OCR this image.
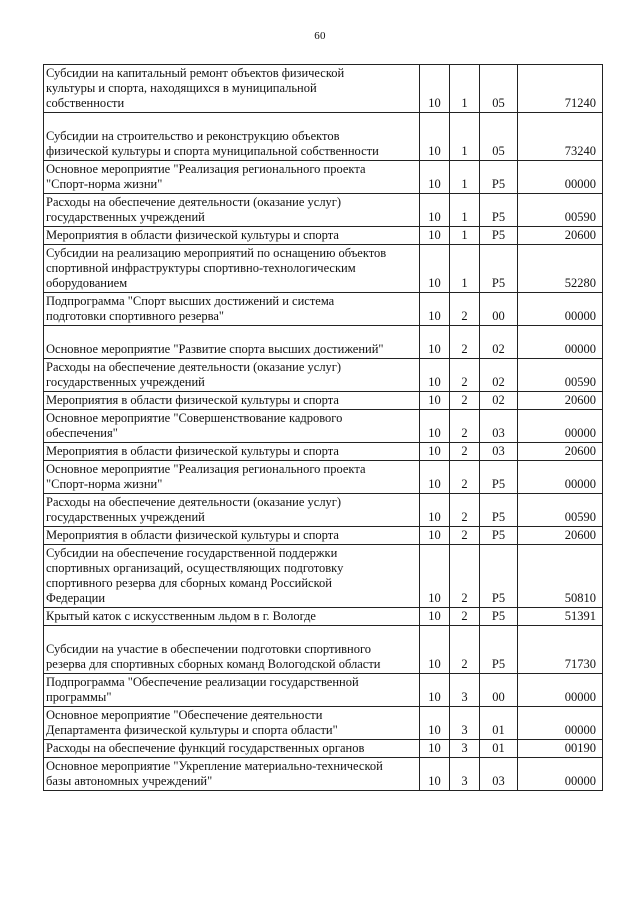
60
Субсидии на капитальный ремонт объектов физической
культуры и спорта, находящихся в муниципальной
собственности	10	1	05	71240

Субсидии на строительство и реконструкцию объектов
физической культуры и спорта муниципальной собственности	10	1	05	73240
Основное мероприятие "Реализация регионального проекта
"Спорт-норма жизни"	10	1	P5	00000
Расходы на обеспечение деятельности (оказание услуг)
государственных учреждений	10	1	P5	00590
Мероприятия в области физической культуры и спорта	10	1	P5	20600
Субсидии на реализацию мероприятий по оснащению объектов
спортивной инфраструктуры спортивно-технологическим
оборудованием	10	1	P5	52280
Подпрограмма "Спорт высших достижений и система
подготовки спортивного резерва"	10	2	00	00000

Основное мероприятие "Развитие спорта высших достижений"	10	2	02	00000
Расходы на обеспечение деятельности (оказание услуг)
государственных учреждений	10	2	02	00590
Мероприятия в области физической культуры и спорта	10	2	02	20600
Основное мероприятие "Совершенствование кадрового
обеспечения"	10	2	03	00000
Мероприятия в области физической культуры и спорта	10	2	03	20600
Основное мероприятие "Реализация регионального проекта
"Спорт-норма жизни"	10	2	P5	00000
Расходы на обеспечение деятельности (оказание услуг)
государственных учреждений	10	2	P5	00590
Мероприятия в области физической культуры и спорта	10	2	P5	20600
Субсидии на обеспечение государственной поддержки
спортивных организаций, осуществляющих подготовку
спортивного резерва для сборных команд Российской
Федерации	10	2	P5	50810
Крытый каток с искусственным льдом в г. Вологде	10	2	P5	51391

Субсидии на участие в обеспечении подготовки спортивного
резерва для спортивных сборных команд Вологодской области	10	2	P5	71730
Подпрограмма "Обеспечение реализации государственной
программы"	10	3	00	00000
Основное мероприятие "Обеспечение деятельности
Департамента физической культуры и спорта области"	10	3	01	00000
Расходы на обеспечение функций государственных органов	10	3	01	00190
Основное мероприятие "Укрепление материально-технической
базы автономных учреждений"	10	3	03	00000
